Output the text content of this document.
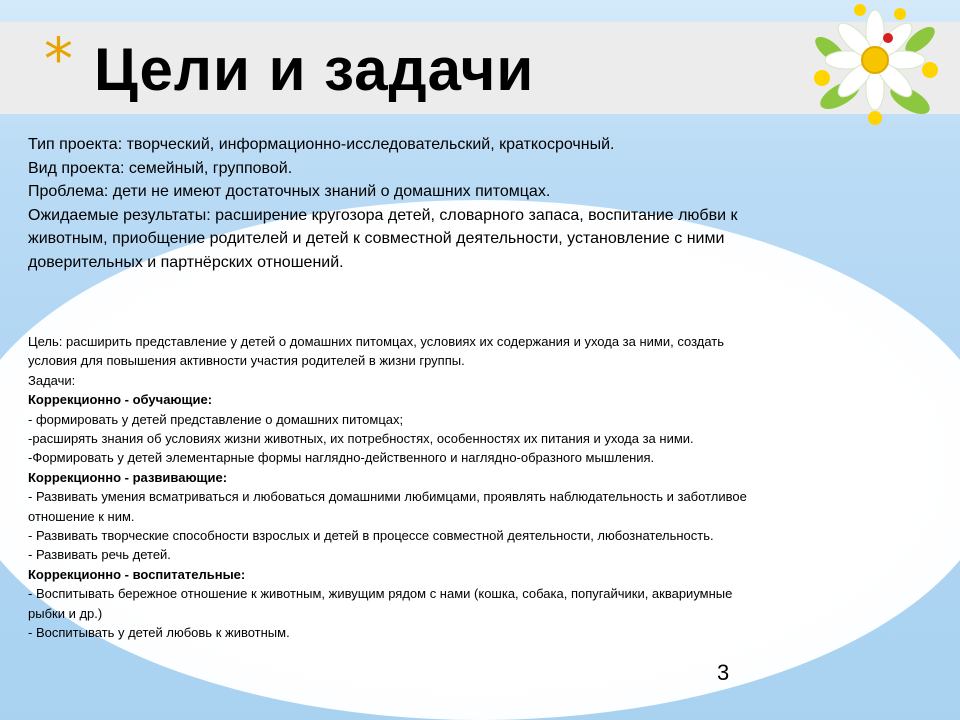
* Цели и задачи
Тип проекта: творческий, информационно-исследовательский, краткосрочный.
Вид проекта: семейный, групповой.
Проблема: дети не имеют достаточных знаний о домашних питомцах.
Ожидаемые результаты: расширение кругозора детей, словарного запаса, воспитание любви к
животным, приобщение родителей и детей к совместной деятельности, установление с ними
доверительных и партнёрских отношений.
Цель: расширить представление у детей о домашних питомцах, условиях их содержания и ухода за ними, создать
условия для повышения активности участия родителей в жизни группы.
Задачи:
Коррекционно - обучающие:
- формировать у детей представление о домашних питомцах;
-расширять знания об условиях жизни животных, их потребностях, особенностях их питания и ухода за ними.
-Формировать у детей элементарные формы наглядно-действенного и наглядно-образного мышления.
Коррекционно - развивающие:
- Развивать умения всматриваться и любоваться домашними любимцами, проявлять наблюдательность и заботливое
отношение к ним.
- Развивать творческие способности взрослых и детей в процессе совместной деятельности, любознательность.
- Развивать речь детей.
Коррекционно - воспитательные:
- Воспитывать бережное отношение к животным, живущим рядом с нами (кошка, собака, попугайчики, аквариумные
рыбки и др.)
- Воспитывать у детей любовь к животным.
3
